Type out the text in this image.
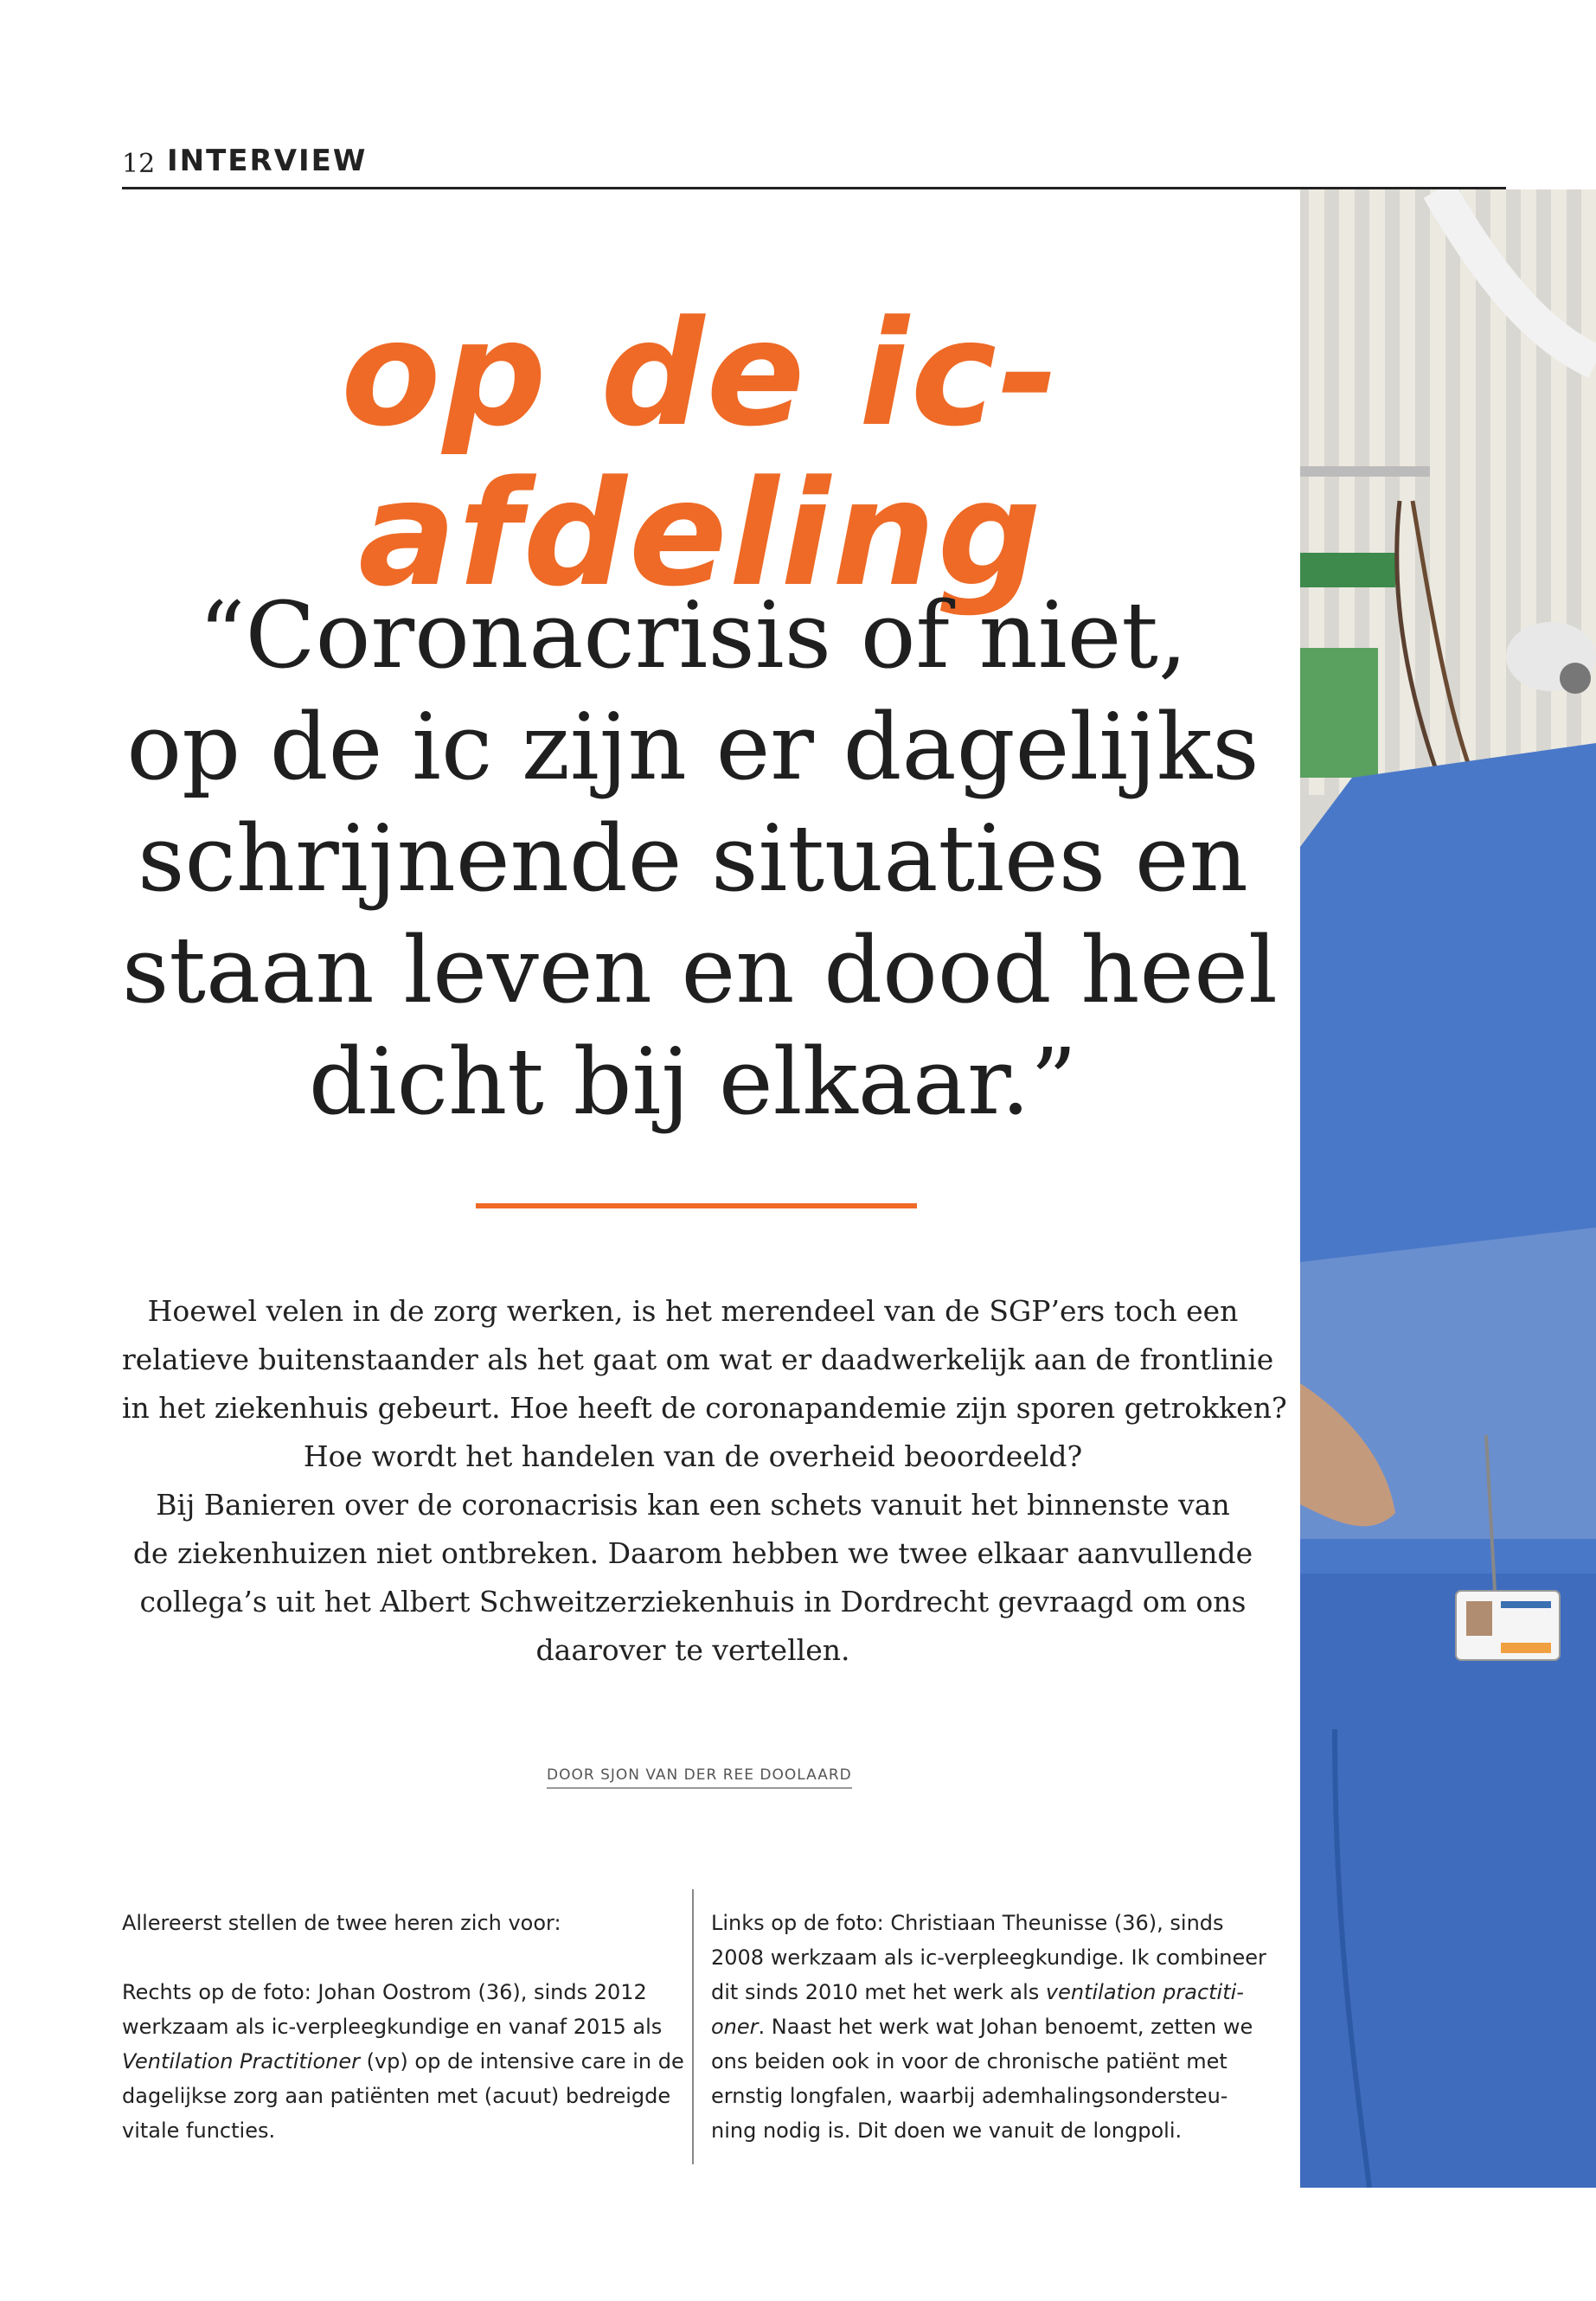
12 INTERVIEW
op de ic-afdeling
“Coronacrisis of niet,
op de ic zijn er dagelijks
schrijnende situaties en
staan leven en dood heel
dicht bij elkaar.”
Hoewel velen in de zorg werken, is het merendeel van de SGP’ers toch een
relatieve buitenstaander als het gaat om wat er daadwerkelijk aan de frontlinie
in het ziekenhuis gebeurt. Hoe heeft de coronapandemie zijn sporen getrokken?
Hoe wordt het handelen van de overheid beoordeeld?
Bij Banieren over de coronacrisis kan een schets vanuit het binnenste van
de ziekenhuizen niet ontbreken. Daarom hebben we twee elkaar aanvullende
collega’s uit het Albert Schweitzerziekenhuis in Dordrecht gevraagd om ons
daarover te vertellen.
DOOR SJON VAN DER REE DOOLAARD
Allereerst stellen de twee heren zich voor:
Rechts op de foto: Johan Oostrom (36), sinds 2012
werkzaam als ic-verpleegkundige en vanaf 2015 als
Ventilation Practitioner (vp) op de intensive care in de
dagelijkse zorg aan patiënten met (acuut) bedreigde
vitale functies.
Links op de foto: Christiaan Theunisse (36), sinds
2008 werkzaam als ic-verpleegkundige. Ik combineer
dit sinds 2010 met het werk als ventilation practiti-
oner. Naast het werk wat Johan benoemt, zetten we
ons beiden ook in voor de chronische patiënt met
ernstig longfalen, waarbij ademhalingsondersteu-
ning nodig is. Dit doen we vanuit de longpoli.
